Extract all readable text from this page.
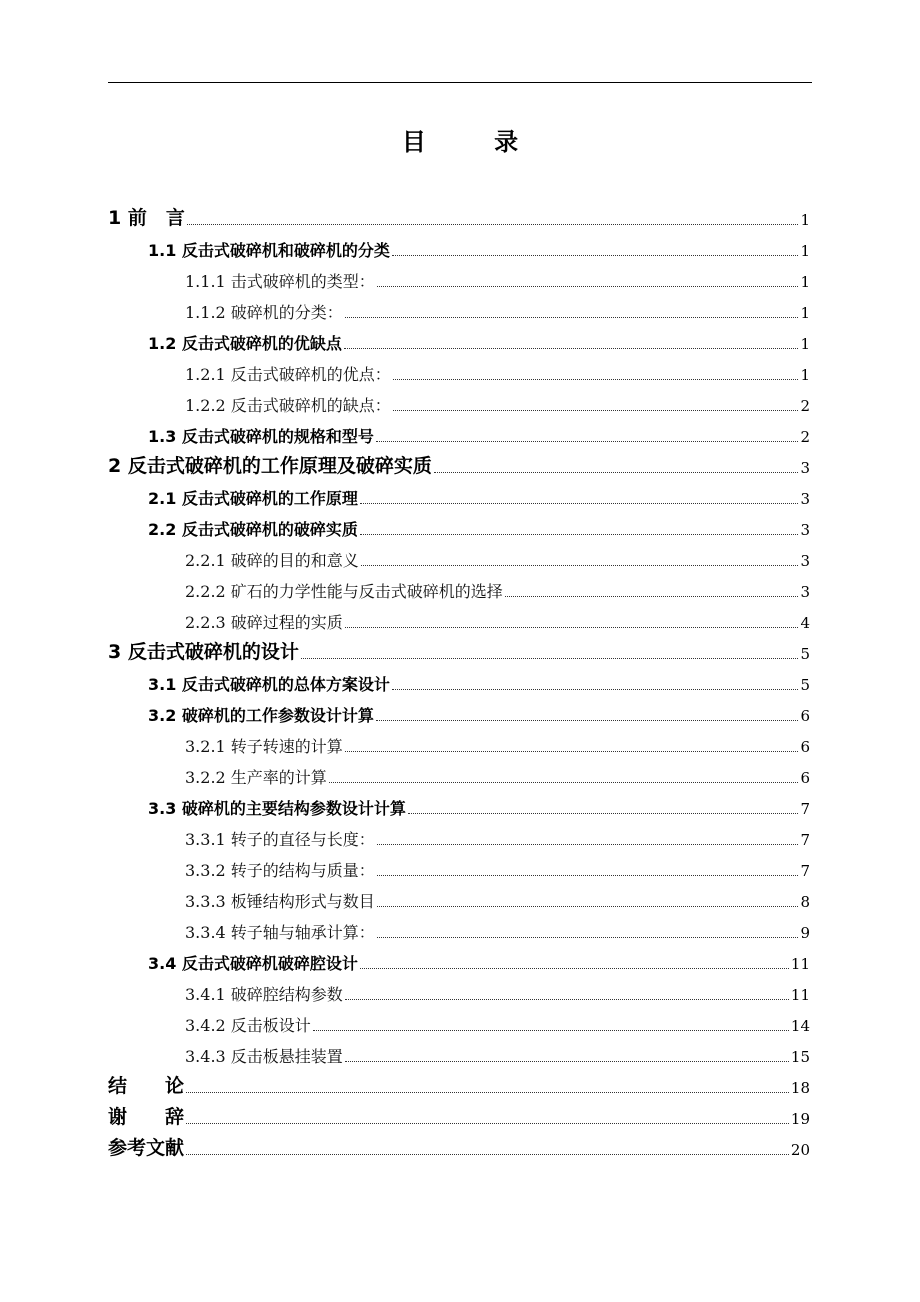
目 录
1 前　言	1
1.1 反击式破碎机和破碎机的分类	1
1.1.1 击式破碎机的类型：	1
1.1.2 破碎机的分类：	1
1.2 反击式破碎机的优缺点	1
1.2.1 反击式破碎机的优点：	1
1.2.2 反击式破碎机的缺点：	2
1.3 反击式破碎机的规格和型号	2
2 反击式破碎机的工作原理及破碎实质	3
2.1 反击式破碎机的工作原理	3
2.2 反击式破碎机的破碎实质	3
2.2.1 破碎的目的和意义	3
2.2.2 矿石的力学性能与反击式破碎机的选择	3
2.2.3 破碎过程的实质	4
3 反击式破碎机的设计	5
3.1 反击式破碎机的总体方案设计	5
3.2 破碎机的工作参数设计计算	6
3.2.1 转子转速的计算	6
3.2.2 生产率的计算	6
3.3 破碎机的主要结构参数设计计算	7
3.3.1 转子的直径与长度：	7
3.3.2 转子的结构与质量：	7
3.3.3 板锤结构形式与数目	8
3.3.4 转子轴与轴承计算：	9
3.4 反击式破碎机破碎腔设计	11
3.4.1 破碎腔结构参数	11
3.4.2 反击板设计	14
3.4.3 反击板悬挂装置	15
结　　论	18
谢　　辞	19
参考文献	20
